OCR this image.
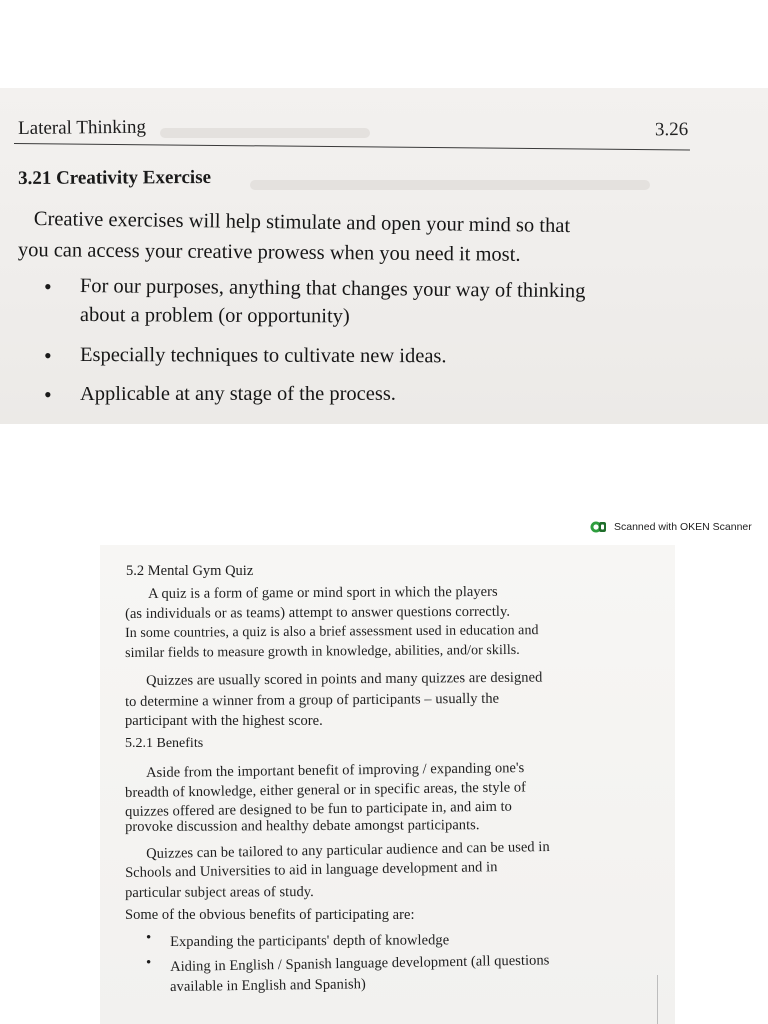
Lateral Thinking	3.26
3.21 Creativity Exercise
Creative exercises will help stimulate and open your mind so that
you can access your creative prowess when you need it most.
• For our purposes, anything that changes your way of thinking
about a problem (or opportunity)
• Especially techniques to cultivate new ideas.
• Applicable at any stage of the process.
Scanned with OKEN Scanner
5.2 Mental Gym Quiz
A quiz is a form of game or mind sport in which the players
(as individuals or as teams) attempt to answer questions correctly.
In some countries, a quiz is also a brief assessment used in education and
similar fields to measure growth in knowledge, abilities, and/or skills.
Quizzes are usually scored in points and many quizzes are designed
to determine a winner from a group of participants – usually the
participant with the highest score.
5.2.1 Benefits
Aside from the important benefit of improving / expanding one's
breadth of knowledge, either general or in specific areas, the style of
quizzes offered are designed to be fun to participate in, and aim to
provoke discussion and healthy debate amongst participants.
Quizzes can be tailored to any particular audience and can be used in
Schools and Universities to aid in language development and in
particular subject areas of study.
Some of the obvious benefits of participating are:
• Expanding the participants' depth of knowledge
• Aiding in English / Spanish language development (all questions
available in English and Spanish)
